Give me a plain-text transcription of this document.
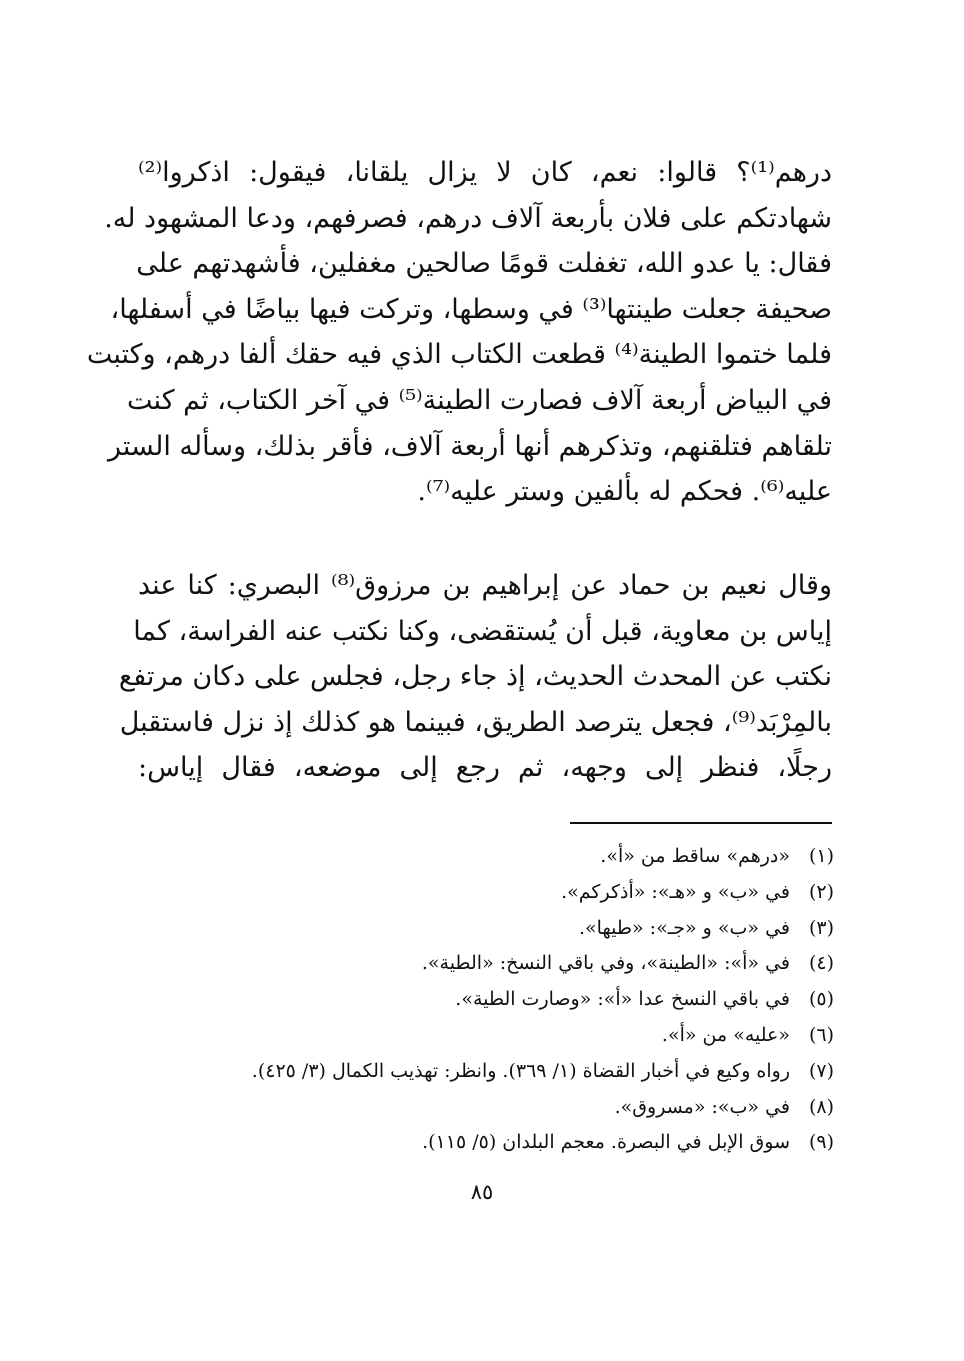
درهم⁽¹⁾؟ قالوا: نعم، كان لا يزال يلقانا، فيقول: اذكروا⁽²⁾
شهادتكم على فلان بأربعة آلاف درهم، فصرفهم، ودعا المشهود له.
فقال: يا عدو الله، تغفلت قومًا صالحين مغفلين، فأشهدتهم على
صحيفة جعلت طينتها⁽³⁾ في وسطها، وتركت فيها بياضًا في أسفلها،
فلما ختموا الطينة⁽⁴⁾ قطعت الكتاب الذي فيه حقك ألفا درهم، وكتبت
في البياض أربعة آلاف فصارت الطينة⁽⁵⁾ في آخر الكتاب، ثم كنت
تلقاهم فتلقنهم، وتذكرهم أنها أربعة آلاف، فأقر بذلك، وسأله الستر
عليه⁽⁶⁾. فحكم له بألفين وستر عليه⁽⁷⁾.
وقال نعيم بن حماد عن إبراهيم بن مرزوق⁽⁸⁾ البصري: كنا عند
إياس بن معاوية، قبل أن يُستقضى، وكنا نكتب عنه الفراسة، كما
نكتب عن المحدث الحديث، إذ جاء رجل، فجلس على دكان مرتفع
بالمِرْبَد⁽⁹⁾، فجعل يترصد الطريق، فبينما هو كذلك إذ نزل فاستقبل
رجلًا، فنظر إلى وجهه، ثم رجع إلى موضعه، فقال إياس:
(١)
«درهم» ساقط من «أ».
(٢)
في «ب» و «هـ»: «أذكركم».
(٣)
في «ب» و «جـ»: «طيها».
(٤)
في «أ»: «الطينة»، وفي باقي النسخ: «الطية».
(٥)
في باقي النسخ عدا «أ»: «وصارت الطية».
(٦)
«عليه» من «أ».
(٧)
رواه وكيع في أخبار القضاة (١/ ٣٦٩). وانظر: تهذيب الكمال (٣/ ٤٢٥).
(٨)
في «ب»: «مسروق».
(٩)
سوق الإبل في البصرة. معجم البلدان (٥/ ١١٥).
٨٥
